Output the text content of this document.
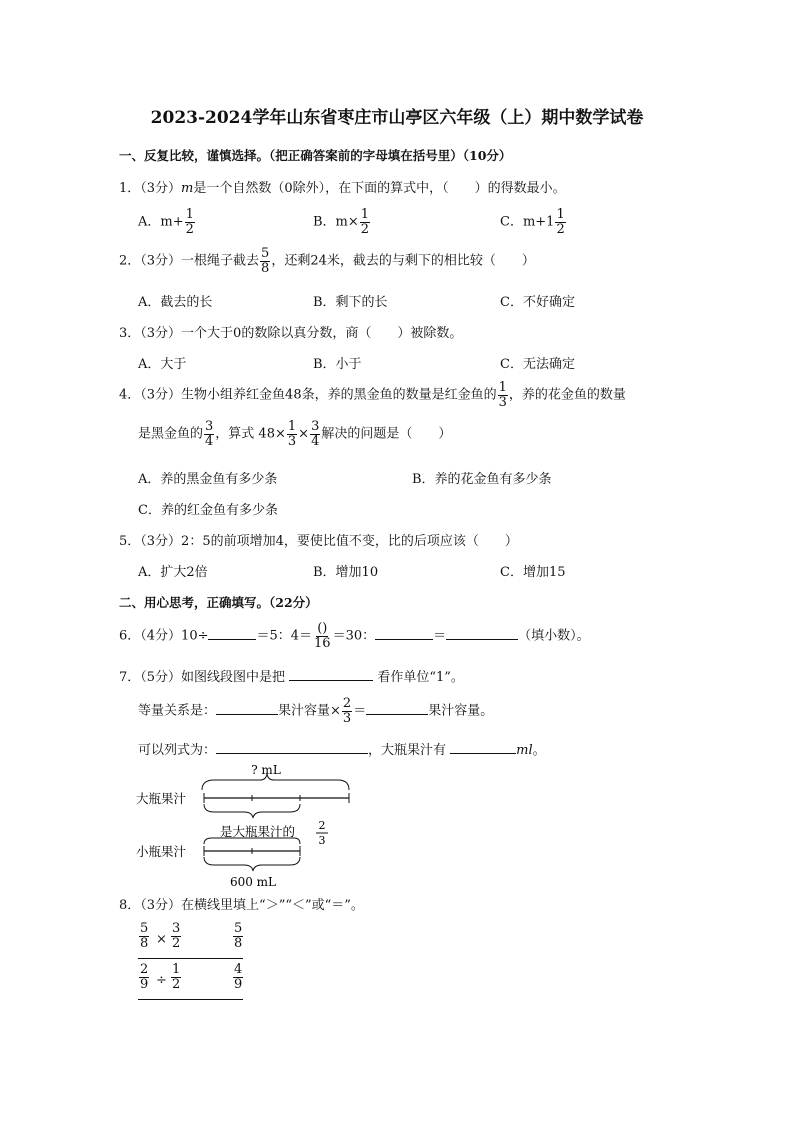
2023-2024学年山东省枣庄市山亭区六年级（上）期中数学试卷
一、反复比较，谨慎选择。（把正确答案前的字母填在括号里）（10分）
1．（3分）m是一个自然数（0除外），在下面的算式中，（　　）的得数最小。
A．$m+ \frac{1}{2}$	B．$m\times \frac{1}{2}$	C．$m+1 \frac{1}{2}$
2．（3分）一根绳子截去 $\frac{5}{8}$ ，还剩24米，截去的与剩下的相比较（　　）
A．截去的长	B．剩下的长	C．不好确定
3．（3分）一个大于0的数除以真分数，商（　　）被除数。
A．大于	B．小于	C．无法确定
4．（3分）生物小组养红金鱼48条，养的黑金鱼的数量是红金鱼的 $\frac{1}{3}$ ，养的花金鱼的数量
是黑金鱼的 $\frac{3}{4}$ ，算式 $48\times \frac{1}{3} \times \frac{3}{4}$ 解决的问题是（　　）
A．养的黑金鱼有多少条	B．养的花金鱼有多少条
C．养的红金鱼有多少条
5．（3分）2：5的前项增加4，要使比值不变，比的后项应该（　　）
A．扩大2倍	B．增加10	C．增加15
二、用心思考，正确填写。（22分）
6．（4分）10÷	＝5：$4= \frac{()}{16} =30$：	＝	（填小数）。
7．（5分）如图线段图中是把	看作单位“1”。
等量关系是：	果汁容量× $\frac{2}{3}$ ＝	果汁容量。
可以列式为：	，大瓶果汁有	ml。
? mL
大瓶果汁
是大瓶果汁的 2
3
小瓶果汁
600 mL
8．（3分）在横线里填上“＞”“＜”或“＝”。
$\frac{5}{8} \times \frac{3}{2}$	$\frac{5}{8}$
$\frac{2}{9} \div \frac{1}{2}$	$\frac{4}{9}$
